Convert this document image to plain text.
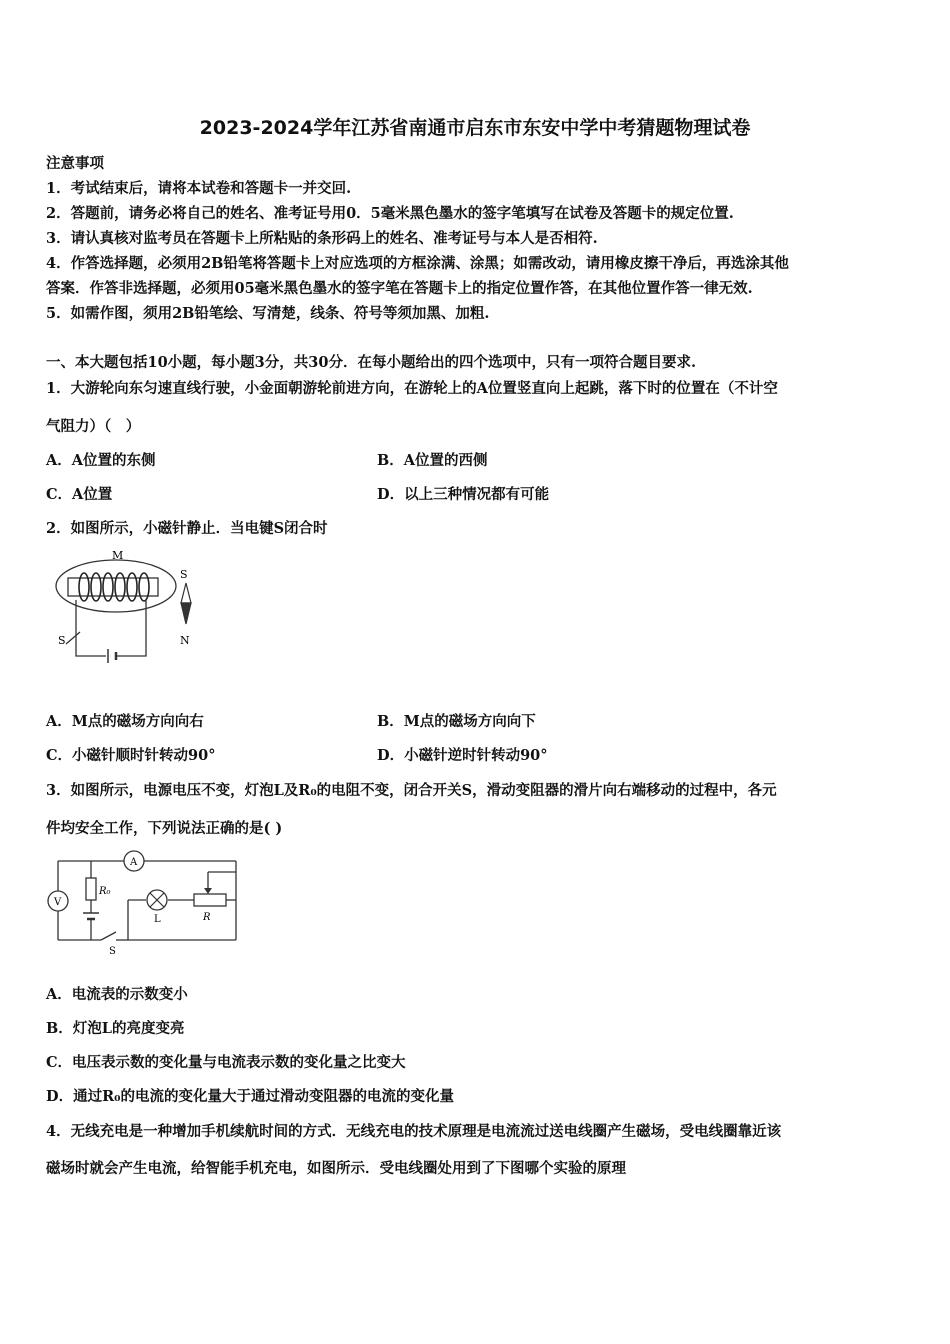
2023-2024学年江苏省南通市启东市东安中学中考猜题物理试卷
注意事项
1．考试结束后，请将本试卷和答题卡一并交回.
2．答题前，请务必将自己的姓名、准考证号用0．5毫米黑色墨水的签字笔填写在试卷及答题卡的规定位置.
3．请认真核对监考员在答题卡上所粘贴的条形码上的姓名、准考证号与本人是否相符.
4．作答选择题，必须用2B铅笔将答题卡上对应选项的方框涂满、涂黑；如需改动，请用橡皮擦干净后，再选涂其他
答案．作答非选择题，必须用05毫米黑色墨水的签字笔在答题卡上的指定位置作答，在其他位置作答一律无效.
5．如需作图，须用2B铅笔绘、写清楚，线条、符号等须加黑、加粗.
一、本大题包括10小题，每小题3分，共30分．在每小题给出的四个选项中，只有一项符合题目要求.
1．大游轮向东匀速直线行驶，小金面朝游轮前进方向，在游轮上的A位置竖直向上起跳，落下时的位置在（不计空
气阻力）（　）
A．A位置的东侧	B．A位置的西侧
C．A位置	D．以上三种情况都有可能
2．如图所示，小磁针静止．当电键S闭合时
M
S
N
S
A．M点的磁场方向向右	B．M点的磁场方向向下
C．小磁针顺时针转动90°	D．小磁针逆时针转动90°
3．如图所示，电源电压不变，灯泡L及R₀的电阻不变，闭合开关S，滑动变阻器的滑片向右端移动的过程中，各元
件均安全工作，下列说法正确的是( )
A
V
R₀
L	R
S
A．电流表的示数变小
B．灯泡L的亮度变亮
C．电压表示数的变化量与电流表示数的变化量之比变大
D．通过R₀的电流的变化量大于通过滑动变阻器的电流的变化量
4．无线充电是一种增加手机续航时间的方式．无线充电的技术原理是电流流过送电线圈产生磁场，受电线圈靠近该
磁场时就会产生电流，给智能手机充电，如图所示．受电线圈处用到了下图哪个实验的原理
